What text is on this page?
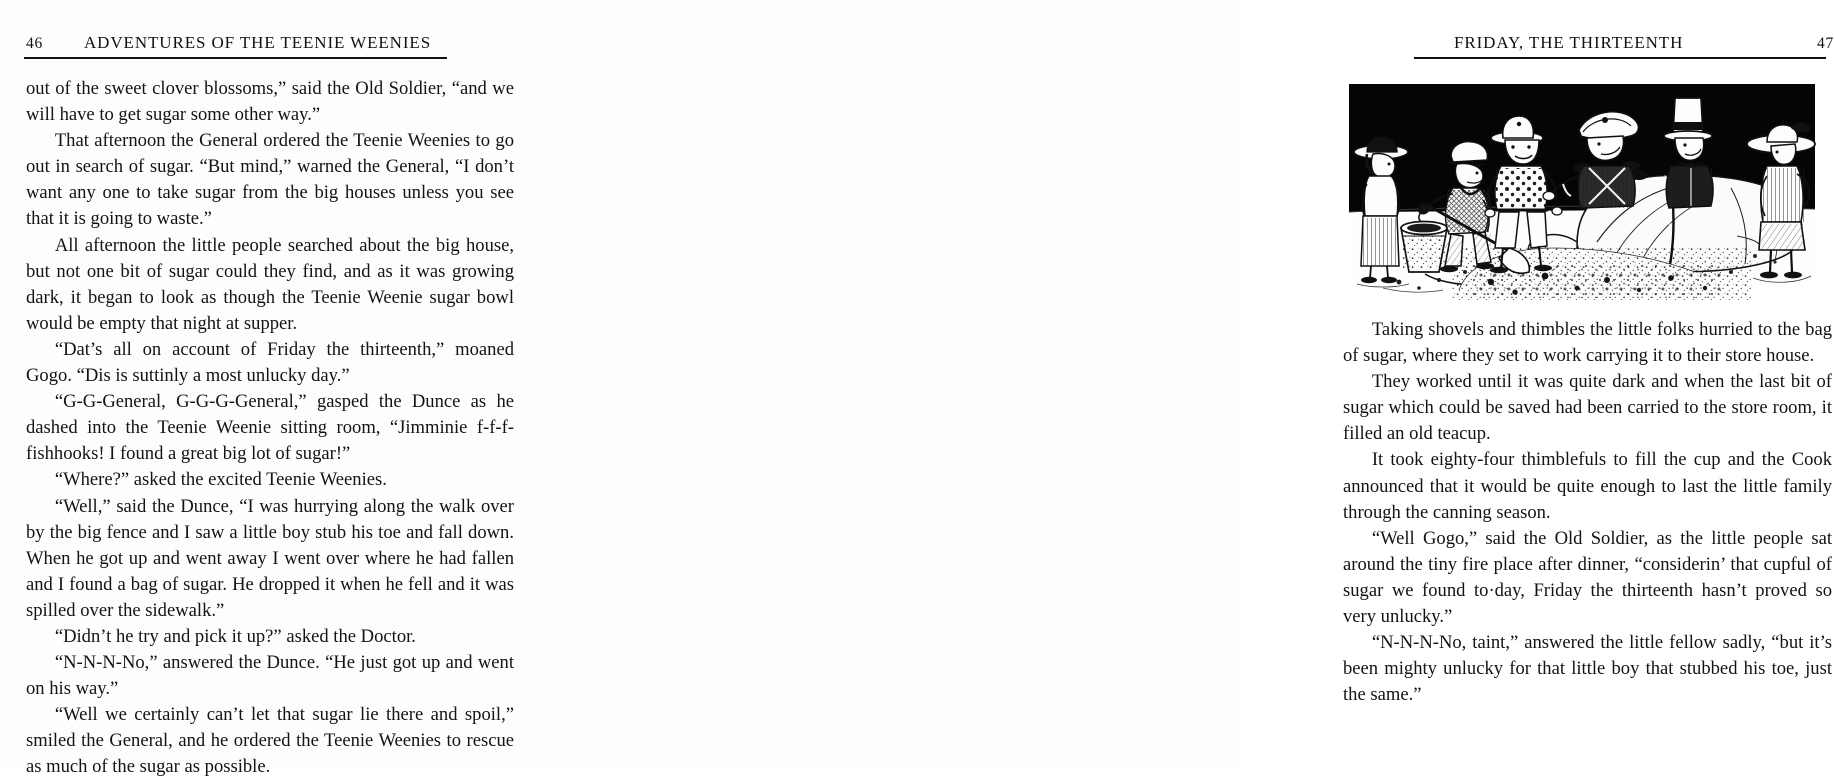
46 ADVENTURES OF THE TEENIE WEENIES

out of the sweet clover blossoms,” said the Old Soldier, “and we will have to get sugar some other way.”

That afternoon the General ordered the Teenie Weenies to go out in search of sugar. “But mind,” warned the General, “I don’t want any one to take sugar from the big houses unless you see that it is going to waste.”

All afternoon the little people searched about the big house, but not one bit of sugar could they find, and as it was growing dark, it began to look as though the Teenie Weenie sugar bowl would be empty that night at supper.

“Dat’s all on account of Friday the thirteenth,” moaned Gogo. “Dis is suttinly a most unlucky day.”

“G-G-General, G-G-G-General,” gasped the Dunce as he dashed into the Teenie Weenie sitting room, “Jimminie f-f-f-fishhooks! I found a great big lot of sugar!”

“Where?” asked the excited Teenie Weenies.

“Well,” said the Dunce, “I was hurrying along the walk over by the big fence and I saw a little boy stub his toe and fall down. When he got up and went away I went over where he had fallen and I found a bag of sugar. He dropped it when he fell and it was spilled over the sidewalk.”

“Didn’t he try and pick it up?” asked the Doctor.

“N-N-N-No,” answered the Dunce. “He just got up and went on his way.”

“Well we certainly can’t let that sugar lie there and spoil,” smiled the General, and he ordered the Teenie Weenies to rescue as much of the sugar as possible.

FRIDAY, THE THIRTEENTH	47

Taking shovels and thimbles the little folks hurried to the bag of sugar, where they set to work carrying it to their store house.

They worked until it was quite dark and when the last bit of sugar which could be saved had been carried to the store room, it filled an old teacup.

It took eighty-four thimblefuls to fill the cup and the Cook announced that it would be quite enough to last the little family through the canning season.

“Well Gogo,” said the Old Soldier, as the little people sat around the tiny fire place after dinner, “considerin’ that cupful of sugar we found to·day, Friday the thirteenth hasn’t proved so very unlucky.”

“N-N-N-No, taint,” answered the little fellow sadly, “but it’s been mighty unlucky for that little boy that stubbed his toe, just the same.”
